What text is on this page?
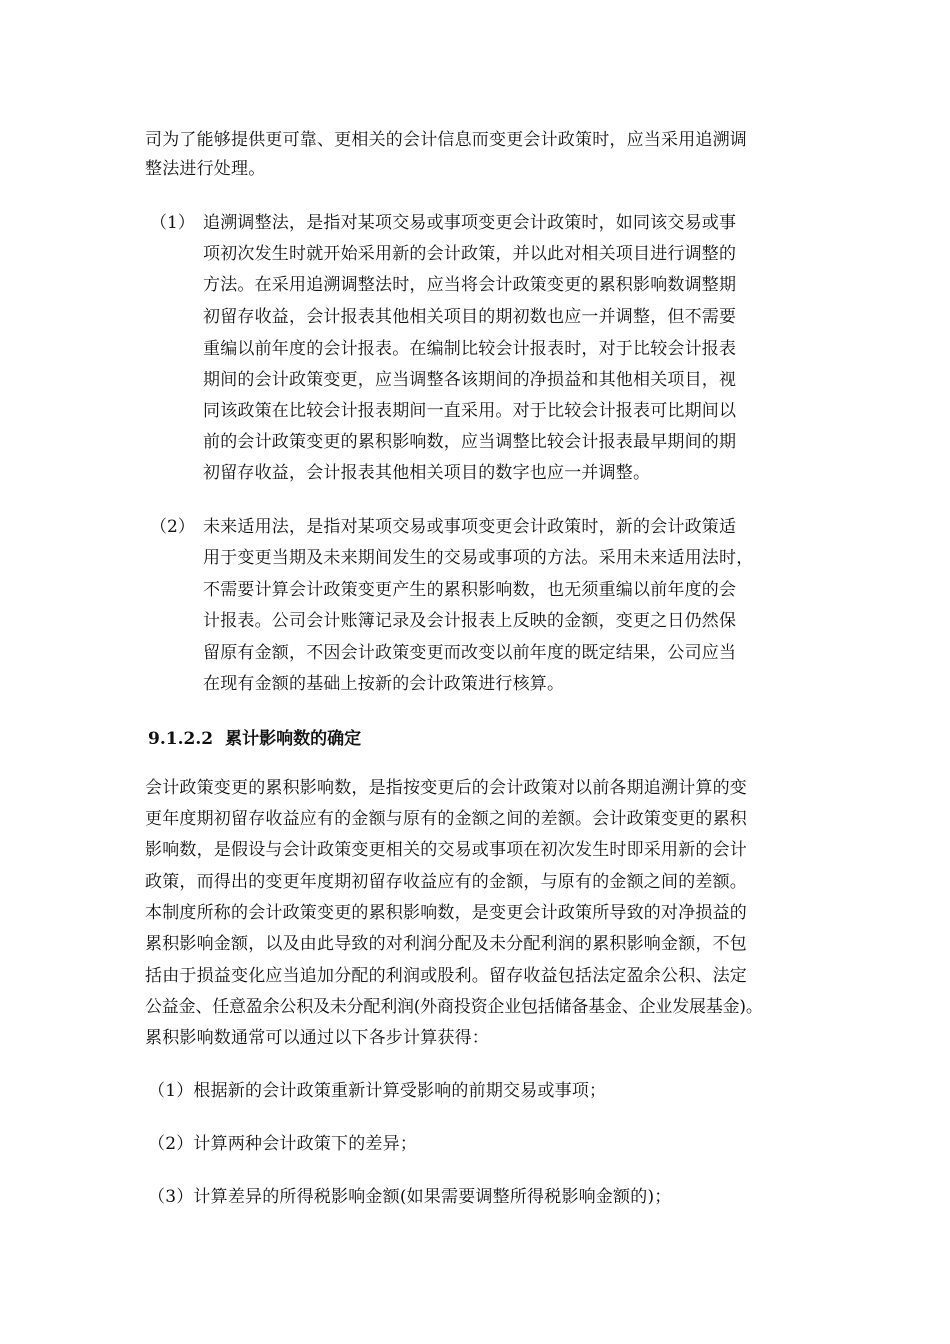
司为了能够提供更可靠、更相关的会计信息而变更会计政策时，应当采用追溯调
整法进行处理。
（1） 追溯调整法，是指对某项交易或事项变更会计政策时，如同该交易或事
项初次发生时就开始采用新的会计政策，并以此对相关项目进行调整的
方法。在采用追溯调整法时，应当将会计政策变更的累积影响数调整期
初留存收益，会计报表其他相关项目的期初数也应一并调整，但不需要
重编以前年度的会计报表。在编制比较会计报表时，对于比较会计报表
期间的会计政策变更，应当调整各该期间的净损益和其他相关项目，视
同该政策在比较会计报表期间一直采用。对于比较会计报表可比期间以
前的会计政策变更的累积影响数，应当调整比较会计报表最早期间的期
初留存收益，会计报表其他相关项目的数字也应一并调整。
（2） 未来适用法，是指对某项交易或事项变更会计政策时，新的会计政策适
用于变更当期及未来期间发生的交易或事项的方法。采用未来适用法时，
不需要计算会计政策变更产生的累积影响数，也无须重编以前年度的会
计报表。公司会计账簿记录及会计报表上反映的金额，变更之日仍然保
留原有金额，不因会计政策变更而改变以前年度的既定结果，公司应当
在现有金额的基础上按新的会计政策进行核算。
9.1.2.2 累计影响数的确定
会计政策变更的累积影响数，是指按变更后的会计政策对以前各期追溯计算的变
更年度期初留存收益应有的金额与原有的金额之间的差额。会计政策变更的累积
影响数，是假设与会计政策变更相关的交易或事项在初次发生时即采用新的会计
政策，而得出的变更年度期初留存收益应有的金额，与原有的金额之间的差额。
本制度所称的会计政策变更的累积影响数，是变更会计政策所导致的对净损益的
累积影响金额，以及由此导致的对利润分配及未分配利润的累积影响金额，不包
括由于损益变化应当追加分配的利润或股利。留存收益包括法定盈余公积、法定
公益金、任意盈余公积及未分配利润(外商投资企业包括储备基金、企业发展基金)。
累积影响数通常可以通过以下各步计算获得：
（1）根据新的会计政策重新计算受影响的前期交易或事项；
（2）计算两种会计政策下的差异；
（3）计算差异的所得税影响金额(如果需要调整所得税影响金额的)；
